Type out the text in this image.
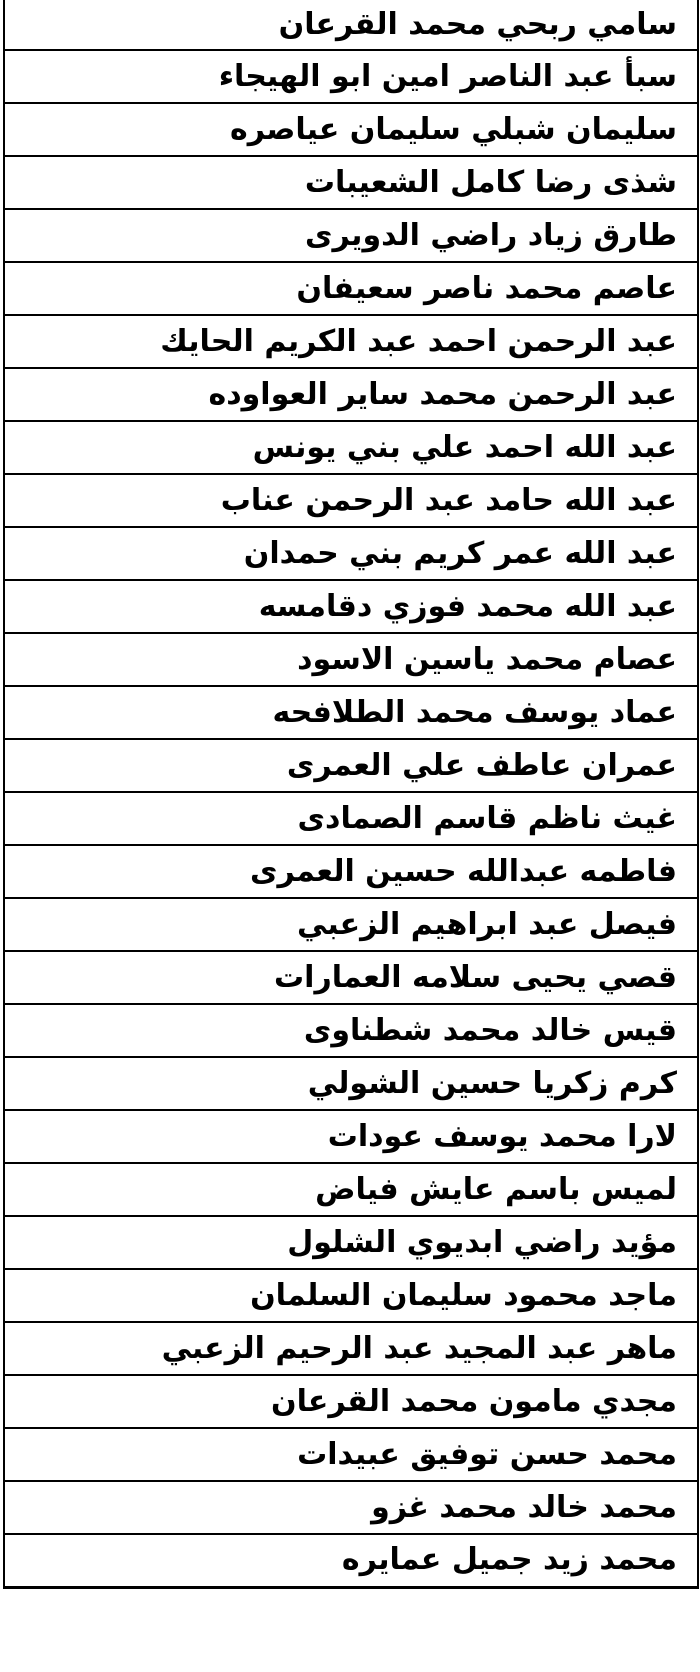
سامي ربحي محمد القرعان
سبأ عبد الناصر امين ابو الهيجاء
سليمان شبلي سليمان عياصره
شذى رضا كامل الشعيبات
طارق زياد راضي الدويرى
عاصم محمد ناصر سعيفان
عبد الرحمن احمد عبد الكريم الحايك
عبد الرحمن محمد ساير العواوده
عبد الله احمد علي بني يونس
عبد الله حامد عبد الرحمن عناب
عبد الله عمر كريم بني حمدان
عبد الله محمد فوزي دقامسه
عصام محمد ياسين الاسود
عماد يوسف محمد الطلافحه
عمران عاطف علي العمرى
غيث ناظم قاسم الصمادى
فاطمه عبدالله حسين العمرى
فيصل عبد ابراهيم الزعبي
قصي يحيى سلامه العمارات
قيس خالد محمد شطناوى
كرم زكريا حسين الشولي
لارا محمد يوسف عودات
لميس باسم عايش فياض
مؤيد راضي ابديوي الشلول
ماجد محمود سليمان السلمان
ماهر عبد المجيد عبد الرحيم الزعبي
مجدي مامون محمد القرعان
محمد حسن توفيق عبيدات
محمد خالد محمد غزو
محمد زيد جميل عمايره
